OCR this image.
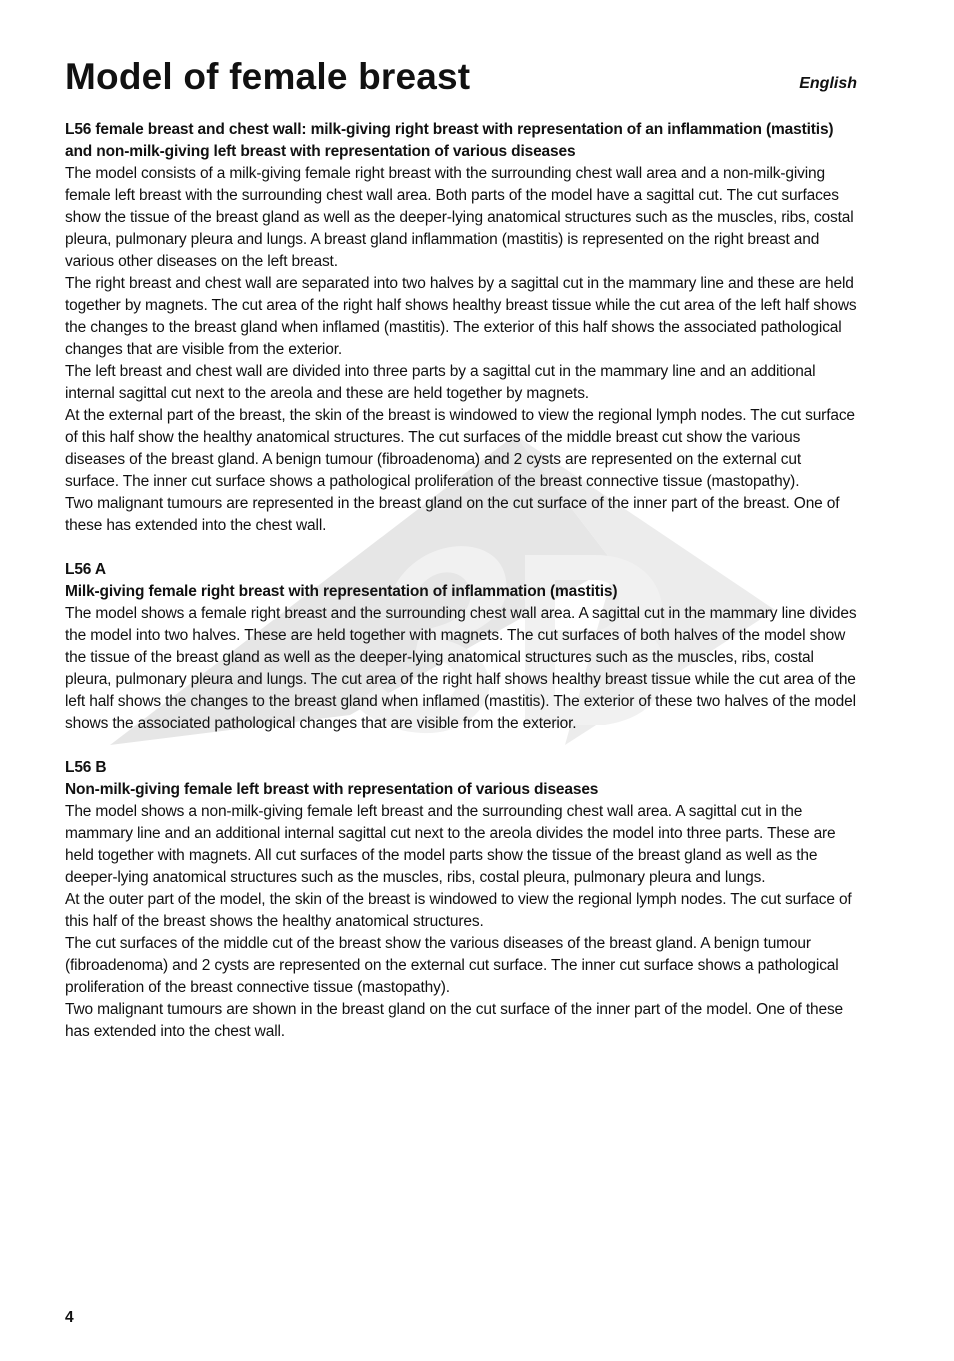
Model of female breast	English

L56 female breast and chest wall: milk-giving right breast with representation of an inflammation (mastitis) and non-milk-giving left breast with representation of various diseases

The model consists of a milk-giving female right breast with the surrounding chest wall area and a non-milk-giving female left breast with the surrounding chest wall area. Both parts of the model have a sagittal cut. The cut surfaces show the tissue of the breast gland as well as the deeper-lying anatomical structures such as the muscles, ribs, costal pleura, pulmonary pleura and lungs. A breast gland inflammation (mastitis) is represented on the right breast and various other diseases on the left breast.

The right breast and chest wall are separated into two halves by a sagittal cut in the mammary line and these are held together by magnets. The cut area of the right half shows healthy breast tissue while the cut area of the left half shows the changes to the breast gland when inflamed (mastitis). The exterior of this half shows the associated pathological changes that are visible from the exterior.

The left breast and chest wall are divided into three parts by a sagittal cut in the mammary line and an additional internal sagittal cut next to the areola and these are held together by magnets.

At the external part of the breast, the skin of the breast is windowed to view the regional lymph nodes. The cut surface of this half show the healthy anatomical structures. The cut surfaces of the middle breast cut show the various diseases of the breast gland. A benign tumour (fibroadenoma) and 2 cysts are represented on the external cut surface. The inner cut surface shows a pathological proliferation of the breast connective tissue (mastopathy).

Two malignant tumours are represented in the breast gland on the cut surface of the inner part of the breast. One of these has extended into the chest wall.

L56 A

Milk-giving female right breast with representation of inflammation (mastitis)

The model shows a female right breast and the surrounding chest wall area. A sagittal cut in the mammary line divides the model into two halves. These are held together with magnets. The cut surfaces of both halves of the model show the tissue of the breast gland as well as the deeper-lying anatomical structures such as the muscles, ribs, costal pleura, pulmonary pleura and lungs. The cut area of the right half shows healthy breast tissue while the cut area of the left half shows the changes to the breast gland when inflamed (mastitis). The exterior of these two halves of the model shows the associated pathological changes that are visible from the exterior.

L56 B

Non-milk-giving female left breast with representation of various diseases

The model shows a non-milk-giving female left breast and the surrounding chest wall area. A sagittal cut in the mammary line and an additional internal sagittal cut next to the areola divides the model into three parts. These are held together with magnets. All cut surfaces of the model parts show the tissue of the breast gland as well as the deeper-lying anatomical structures such as the muscles, ribs, costal pleura, pulmonary pleura and lungs.

At the outer part of the model, the skin of the breast is windowed to view the regional lymph nodes. The cut surface of this half of the breast shows the healthy anatomical structures.

The cut surfaces of the middle cut of the breast show the various diseases of the breast gland. A benign tumour (fibroadenoma) and 2 cysts are represented on the external cut surface. The inner cut surface shows a pathological proliferation of the breast connective tissue (mastopathy).

Two malignant tumours are shown in the breast gland on the cut surface of the inner part of the model. One of these has extended into the chest wall.

4
